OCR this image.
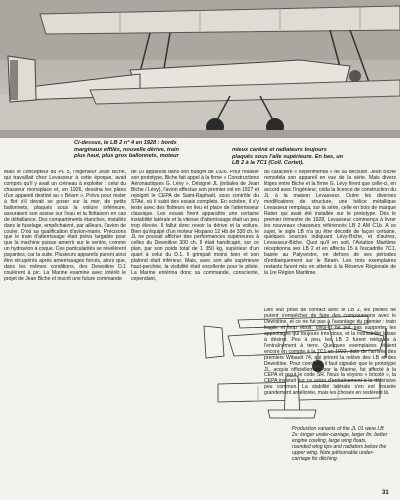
Ci-dessus, le LB 2 n° 4 en 1928 : bords
marginaux effilés, nouvelle dérive, train
plus haut, plus gros ballonnets, moteur
mieux caréné et radiateurs toujours
plaqués sous l'aile supérieure. En bas, un
LB 2 à la 7C1 (Coll. Cortet).

Mais le concepteur du PL 5, l'ingénieur Jean Biche, qui travaillait chez Levasseur à cette époque, avait compris qu'il y avait un créneau à exploiter : celui du chasseur monoplace et, en 1926, dessina les plans d'un appareil destiné au « Béarn ». Prévu pour rester à flot s'il devait se poser sur la mer, de petits ballonnets, plaqués sous la voilure inférieure, assuraient son assise sur l'eau et la flottaison en cas de défaillance. Des compartiments étanches, installés dans le fuselage, empêchaient, par ailleurs, l'avion de couler. D'où sa qualification d'avion-marin. Précisons que le train d'atterrissage était prévu largable pour que la machine puisse amerrir sur le ventre, comme un hydravion à coque. Ces particularités se révélèrent payantes, car la suite. Plusieurs appareils purent ainsi être récupérés après amerrissages forcés, alors que, dans les mêmes conditions, des Dewoitine D.1 coulèrent à pic. La Marine examine avec intérêt le projet de Jean Biche et inscrit une future commande

de 10 appareils dans son budget de 1926. Pour réaliser son prototype, Biche fait appel à la firme « Constructions Aéronautiques G. Lévy ». Désigné JL (initiales de Jean Biche / Lévy), l'avion effectue son premier vol en 1927 et rejoignit le CEPA de Saint-Raphaël, sous contrôle du STAé, où il subit des essais complets. En octobre, il s'y teste avec des flotteurs en lieu et place de l'atterrisseur classique. Les essais firent apparaître une certaine instabilité latérale et la vitesse d'atterrissage était un peu trop élevée. Il fallut donc revoir la dérive et la voilure. Bien qu'équipé d'un moteur Hispano 12 Hb de 330 ch, le JL ne pouvait afficher des performances supérieures à celles du Dewoitine 300 ch. Il était handicapé, sur ce plan, par son poids total de 1 350 kg, supérieur d'un quart à celui du D.1. Il grimpait moins bien et son plafond était inférieur. Mais, avec son aile supérieure haut-perchée, la visibilité était excellente pour le pilote. La Marine entérina donc sa commande, consciente, cependant,

du caractère « expérimental » de sa décision. Jean Biche remodela son appareil en vue de la série. Mais divers litiges entre Biche et la firme G. Lévy firent que celle-ci, en accord avec l'ingénieur, céda la licence de construction du JL à la maison Levasseur. Outre les diverses modifications de structure, une hélice métallique Levasseur remplaça, sur la série, celle en bois de marque Ratier qui avait été installée sur le prototype. Dès le premier trimestre de 1928, Levasseur commença à livrer les nouveaux chasseurs référencés LB 2 AM C1b. A ce sujet, le sigle LB n'a pu être décodé de façon certaine, quelques sources indiquant Lévy-Biche, et d'autres, Levasseur-Biche. Quoi qu'il en soit, l'Aviation Maritime réceptionna ses LB 2 et en affecta 15 à l'escadrille 7C1, basée au Palyvestre, en dehors de ses périodes d'embarquement sur le Béarn. Les trois exemplaires restants furent mis en attente à la Réserve Régionale de la 1re Région Maritime.

Dès leur prise de contact avec le LB 2, les pilotes ne purent s'empêcher de faire des comparaisons avec le Dewoitine, et ce ne fut pas à l'avantage du premier : train fragile et trop étroit, celui-ci ne put pas supporter les appontages qui toujours très doux, et la maniabilité laisse à désirer. Peu à peu, les LB 2 furent relégués à l'entraînement à terre. Quelques exemplaires étaient encore en compte à la 7C1 en 1932, date de l'arrivée des premiers Wibault 74, qui prirent la relève des LB et des Dewoitine. Pour conclure, il faut signaler que le prototype JL, acquis officiellement par la Marine, fut affecté à la CEPA et reçut le code SR. Nous la voyons « bricolé », la CEPA insistait sur ce avion d'entraînement à la défensive peu commun. La stabilité latérale s'en est trouvée grandement améliorée, mais les choses en restèrent là.

Production variants of the JL 01 were LB
2s: longer under-carriage, larger fin, better
engine cowling, large wing floats,
rounded wing tips and radiators below the
upper wing. Note jettisonable under-
carriage for ditching.
31
